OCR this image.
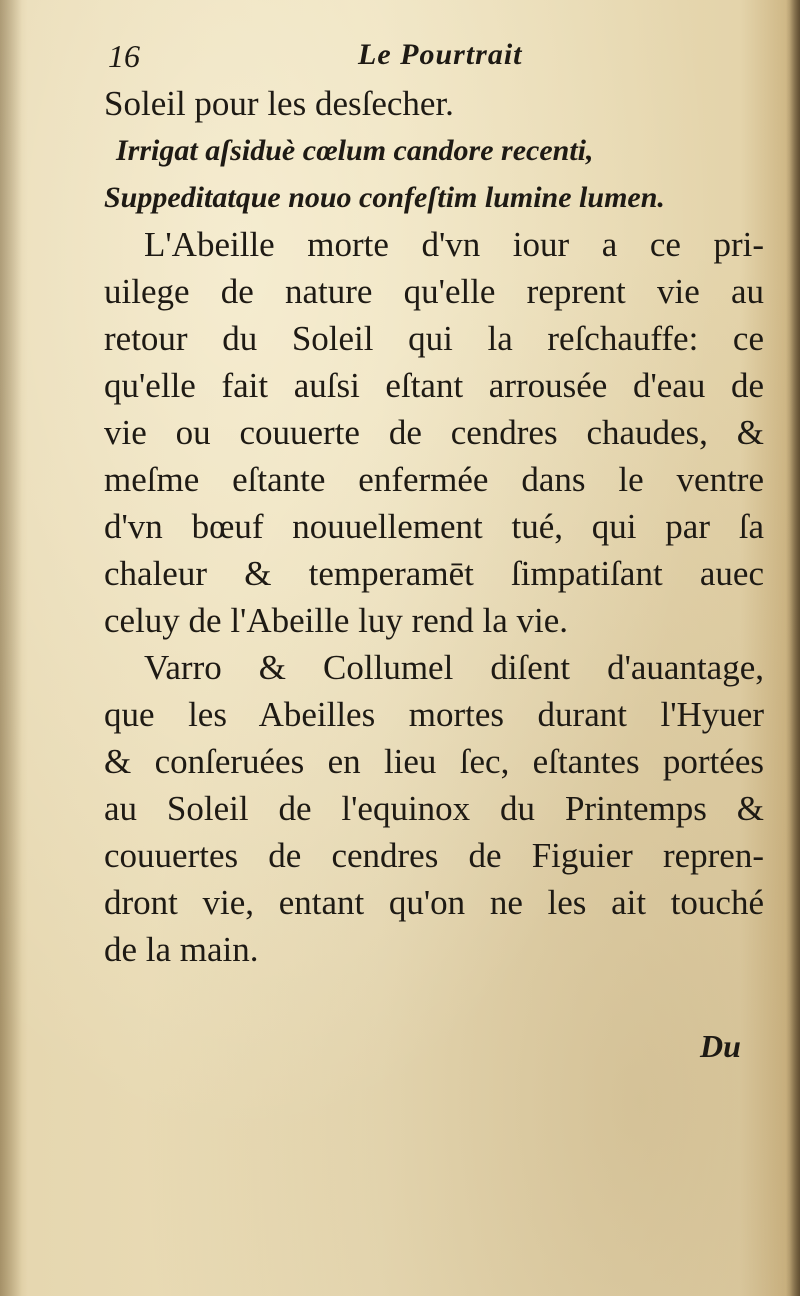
16	Le Pourtrait
Soleil pour les desſecher.
Irrigat aſsiduè cœlum candore recenti,
Suppeditatque nouo confeſtim lumine lumen.
L'Abeille morte d'vn iour a ce pri-
uilege de nature qu'elle reprent vie au
retour du Soleil qui la reſchauffe: ce
qu'elle fait auſsi eſtant arrousée d'eau de
vie ou couuerte de cendres chaudes, &
meſme eſtante enfermée dans le ventre
d'vn bœuf nouuellement tué, qui par ſa
chaleur & temperamēt ſimpatiſant auec
celuy de l'Abeille luy rend la vie.
Varro & Collumel diſent d'auantage,
que les Abeilles mortes durant l'Hyuer
& conſeruées en lieu ſec, eſtantes portées
au Soleil de l'equinox du Printemps &
couuertes de cendres de Figuier repren-
dront vie, entant qu'on ne les ait touché
de la main.
Du
